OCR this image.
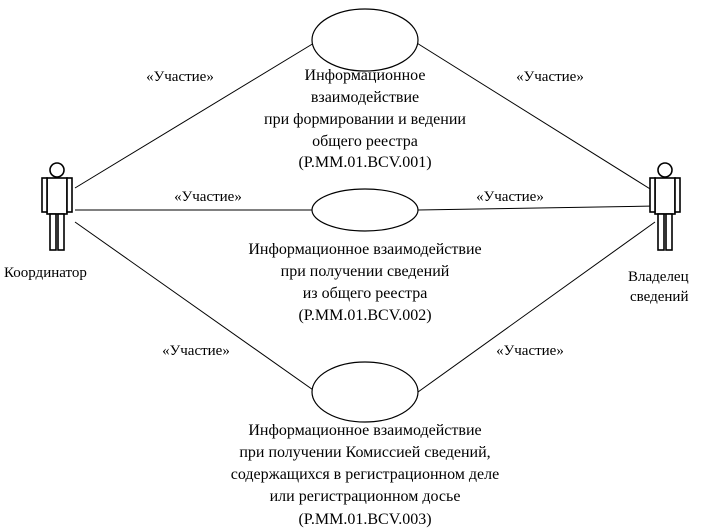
Координатор	Владелец
сведений
«Участие»
«Участие»
«Участие»
«Участие»
«Участие»
«Участие»
Информационное
взаимодействие
при формировании и ведении
общего реестра
(P.MM.01.BCV.001)
Информационное взаимодействие
при получении сведений
из общего реестра
(P.MM.01.BCV.002)
Информационное взаимодействие
при получении Комиссией сведений,
содержащихся в регистрационном деле
или регистрационном досье
(P.MM.01.BCV.003)
